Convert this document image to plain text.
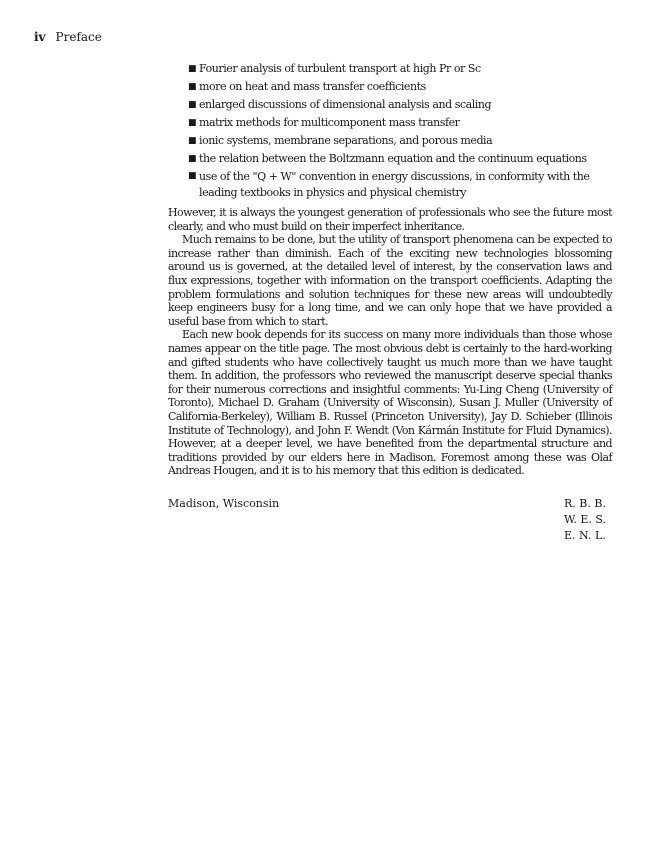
iv Preface
■ Fourier analysis of turbulent transport at high Pr or Sc
■ more on heat and mass transfer coefficients
■ enlarged discussions of dimensional analysis and scaling
■ matrix methods for multicomponent mass transfer
■ ionic systems, membrane separations, and porous media
■ the relation between the Boltzmann equation and the continuum equations
■ use of the "Q + W" convention in energy discussions, in conformity with the leading textbooks in physics and physical chemistry

However, it is always the youngest generation of professionals who see the future most clearly, and who must build on their imperfect inheritance.

Much remains to be done, but the utility of transport phenomena can be expected to increase rather than diminish. Each of the exciting new technologies blossoming around us is governed, at the detailed level of interest, by the conservation laws and flux expressions, together with information on the transport coefficients. Adapting the problem formulations and solution techniques for these new areas will undoubtedly keep engineers busy for a long time, and we can only hope that we have provided a useful base from which to start.

Each new book depends for its success on many more individuals than those whose names appear on the title page. The most obvious debt is certainly to the hard-working and gifted students who have collectively taught us much more than we have taught them. In addition, the professors who reviewed the manuscript deserve special thanks for their numerous corrections and insightful comments: Yu-Ling Cheng (University of Toronto), Michael D. Graham (University of Wisconsin), Susan J. Muller (University of California-Berkeley), William B. Russel (Princeton University), Jay D. Schieber (Illinois Institute of Technology), and John F. Wendt (Von Kármán Institute for Fluid Dynamics). However, at a deeper level, we have benefited from the departmental structure and traditions provided by our elders here in Madison. Foremost among these was Olaf Andreas Hougen, and it is to his memory that this edition is dedicated.

Madison, Wisconsin	R. B. B.
W. E. S.
E. N. L.
